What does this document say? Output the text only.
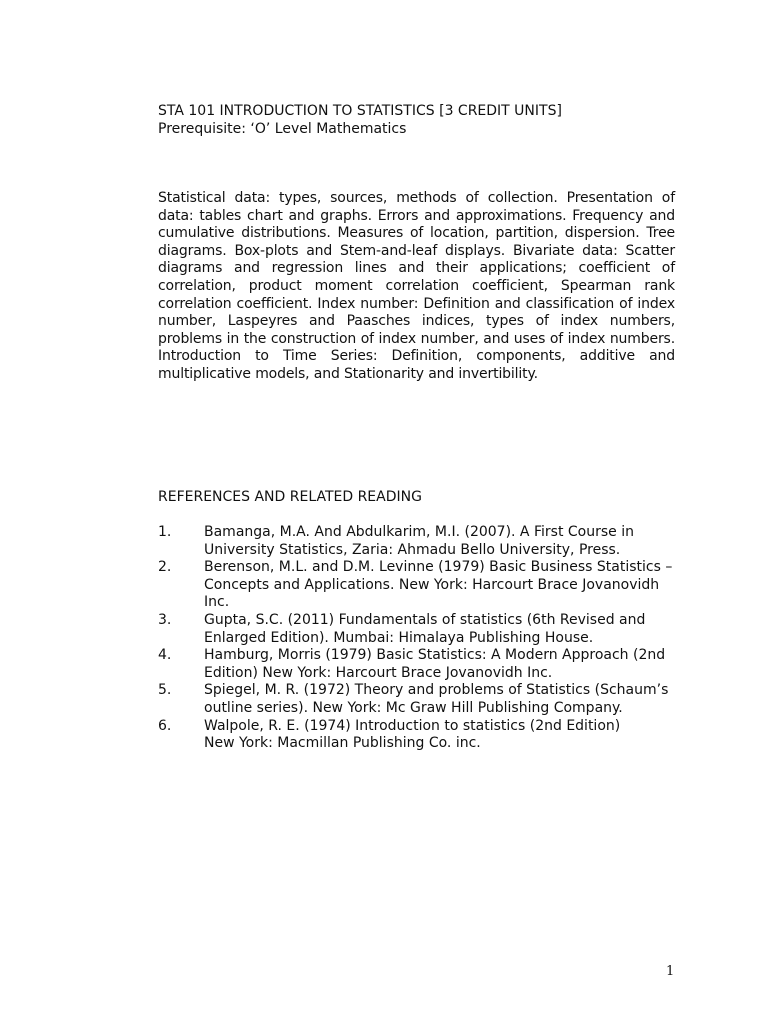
STA 101 INTRODUCTION TO STATISTICS [3 CREDIT UNITS]
Prerequisite: ‘O’ Level Mathematics

Statistical data: types, sources, methods of collection. Presentation of data: tables chart and graphs. Errors and approximations. Frequency and cumulative distributions. Measures of location, partition, dispersion. Tree diagrams. Box-plots and Stem-and-leaf displays. Bivariate data: Scatter diagrams and regression lines and their applications; coefficient of correlation, product moment correlation coefficient, Spearman rank correlation coefficient. Index number: Definition and classification of index number, Laspeyres and Paasches indices, types of index numbers, problems in the construction of index number, and uses of index numbers. Introduction to Time Series: Definition, components, additive and multiplicative models, and Stationarity and invertibility.

REFERENCES AND RELATED READING
1.	Bamanga, M.A. And Abdulkarim, M.I. (2007). A First Course in
University Statistics, Zaria: Ahmadu Bello University, Press.
2.	Berenson, M.L. and D.M. Levinne (1979) Basic Business Statistics –
Concepts and Applications. New York: Harcourt Brace Jovanovidh
Inc.
3.	Gupta, S.C. (2011) Fundamentals of statistics (6th Revised and
Enlarged Edition). Mumbai: Himalaya Publishing House.
4.	Hamburg, Morris (1979) Basic Statistics: A Modern Approach (2nd
Edition) New York: Harcourt Brace Jovanovidh Inc.
5.	Spiegel, M. R. (1972) Theory and problems of Statistics (Schaum’s
outline series). New York: Mc Graw Hill Publishing Company.
6.	Walpole, R. E. (1974) Introduction to statistics (2nd Edition)
New York: Macmillan Publishing Co. inc.
1
